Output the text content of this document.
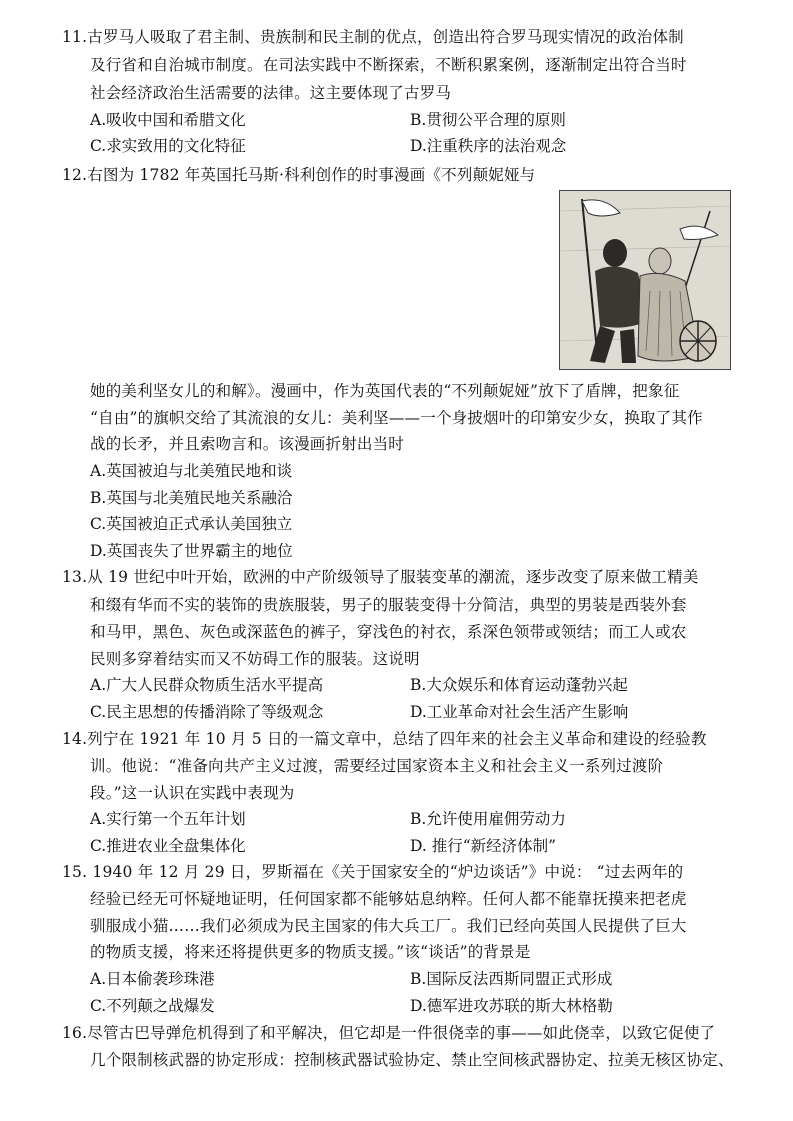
11.古罗马人吸取了君主制、贵族制和民主制的优点，创造出符合罗马现实情况的政治体制
及行省和自治城市制度。在司法实践中不断探索，不断积累案例，逐渐制定出符合当时
社会经济政治生活需要的法律。这主要体现了古罗马
A.吸收中国和希腊文化	B.贯彻公平合理的原则
C.求实致用的文化特征	D.注重秩序的法治观念
12.右图为 1782 年英国托马斯·科利创作的时事漫画《不列颠妮娅与
她的美利坚女儿的和解》。漫画中，作为英国代表的“不列颠妮娅”放下了盾牌，把象征
“自由”的旗帜交给了其流浪的女儿：美利坚——一个身披烟叶的印第安少女，换取了其作
战的长矛，并且索吻言和。该漫画折射出当时
A.英国被迫与北美殖民地和谈
B.英国与北美殖民地关系融洽
C.英国被迫正式承认美国独立
D.英国丧失了世界霸主的地位
13.从 19 世纪中叶开始，欧洲的中产阶级领导了服装变革的潮流，逐步改变了原来做工精美
和缀有华而不实的装饰的贵族服装，男子的服装变得十分简洁，典型的男装是西装外套
和马甲，黑色、灰色或深蓝色的裤子，穿浅色的衬衣，系深色领带或领结；而工人或农
民则多穿着结实而又不妨碍工作的服装。这说明
A.广大人民群众物质生活水平提高	B.大众娱乐和体育运动蓬勃兴起
C.民主思想的传播消除了等级观念	D.工业革命对社会生活产生影响
14.列宁在 1921 年 10 月 5 日的一篇文章中，总结了四年来的社会主义革命和建设的经验教
训。他说：“准备向共产主义过渡，需要经过国家资本主义和社会主义一系列过渡阶
段。”这一认识在实践中表现为
A.实行第一个五年计划	B.允许使用雇佣劳动力
C.推进农业全盘集体化	D. 推行“新经济体制”
15. 1940 年 12 月 29 日，罗斯福在《关于国家安全的“炉边谈话”》中说： “过去两年的
经验已经无可怀疑地证明，任何国家都不能够姑息纳粹。任何人都不能靠抚摸来把老虎
驯服成小猫……我们必须成为民主国家的伟大兵工厂。我们已经向英国人民提供了巨大
的物质支援，将来还将提供更多的物质支援。”该“谈话”的背景是
A.日本偷袭珍珠港	B.国际反法西斯同盟正式形成
C.不列颠之战爆发	D.德军进攻苏联的斯大林格勒
16.尽管古巴导弹危机得到了和平解决，但它却是一件很侥幸的事——如此侥幸，以致它促使了
几个限制核武器的协定形成：控制核武器试验协定、禁止空间核武器协定、拉美无核区协定、
